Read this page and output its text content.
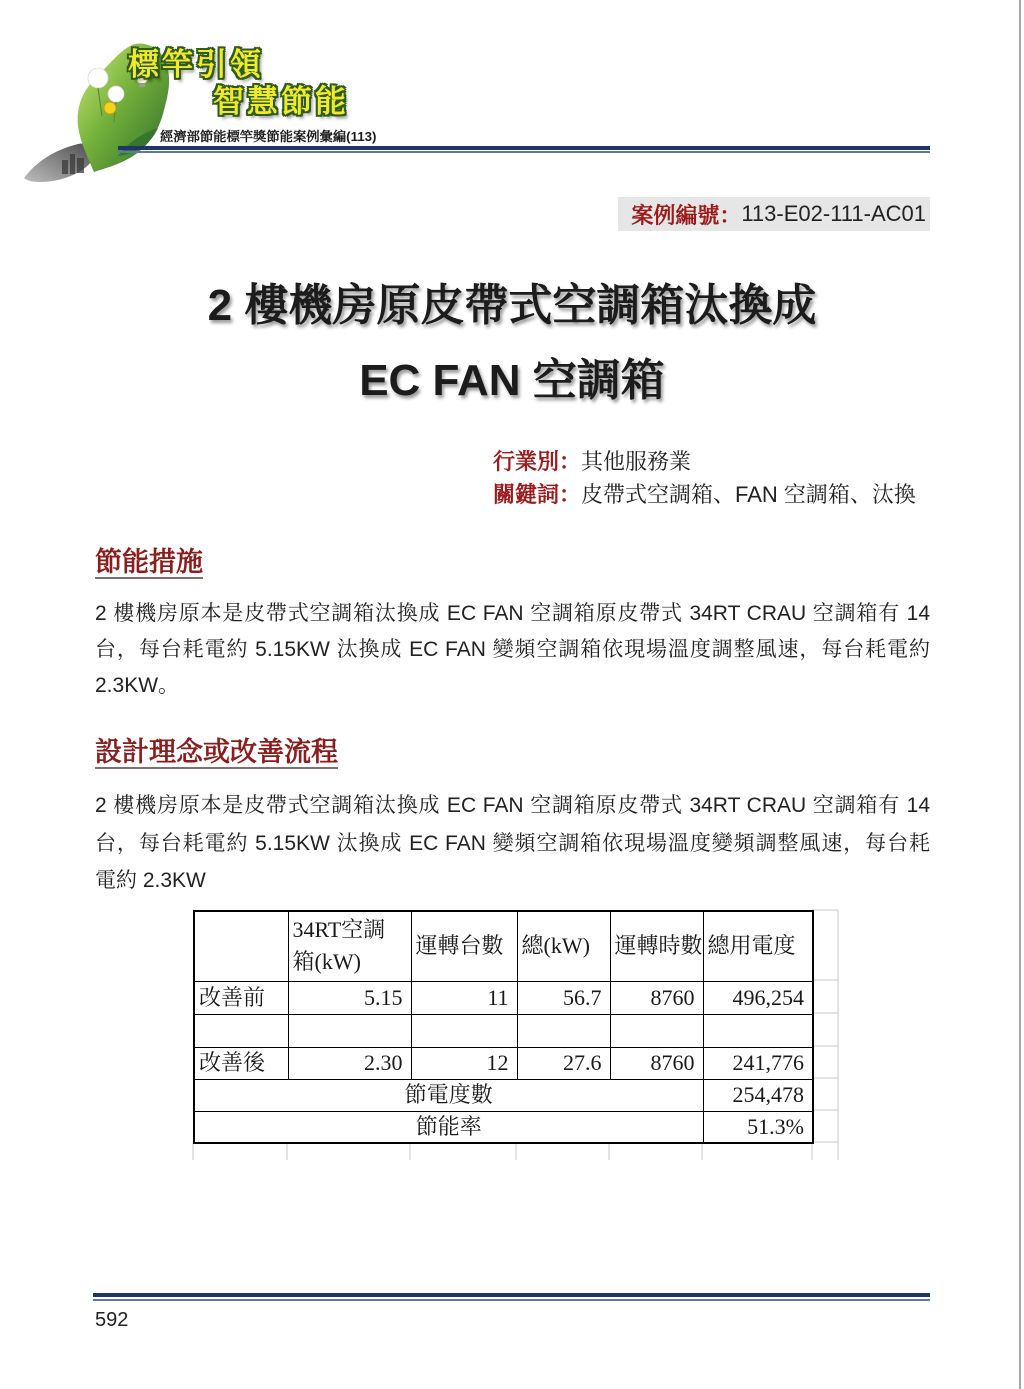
標竿引領
智慧節能
經濟部節能標竿獎節能案例彙編(113)
案例編號： 113-E02-111-AC01
2 樓機房原皮帶式空調箱汰換成
EC FAN 空調箱
行業別：其他服務業
關鍵詞：皮帶式空調箱、FAN 空調箱、汰換
節能措施
2 樓機房原本是皮帶式空調箱汰換成 EC FAN 空調箱原皮帶式 34RT CRAU 空調箱有 14
台，每台耗電約 5.15KW 汰換成 EC FAN 變頻空調箱依現場溫度調整風速，每台耗電約
2.3KW。
設計理念或改善流程
2 樓機房原本是皮帶式空調箱汰換成 EC FAN 空調箱原皮帶式 34RT CRAU 空調箱有 14
台，每台耗電約 5.15KW 汰換成 EC FAN 變頻空調箱依現場溫度變頻調整風速，每台耗
電約 2.3KW
	34RT空調箱(kW)	運轉台數	總(kW)	運轉時數	總用電度
改善前	5.15	11	56.7	8760	496,254

改善後	2.30	12	27.6	8760	241,776
節電度數					254,478
節能率					51.3%
592
